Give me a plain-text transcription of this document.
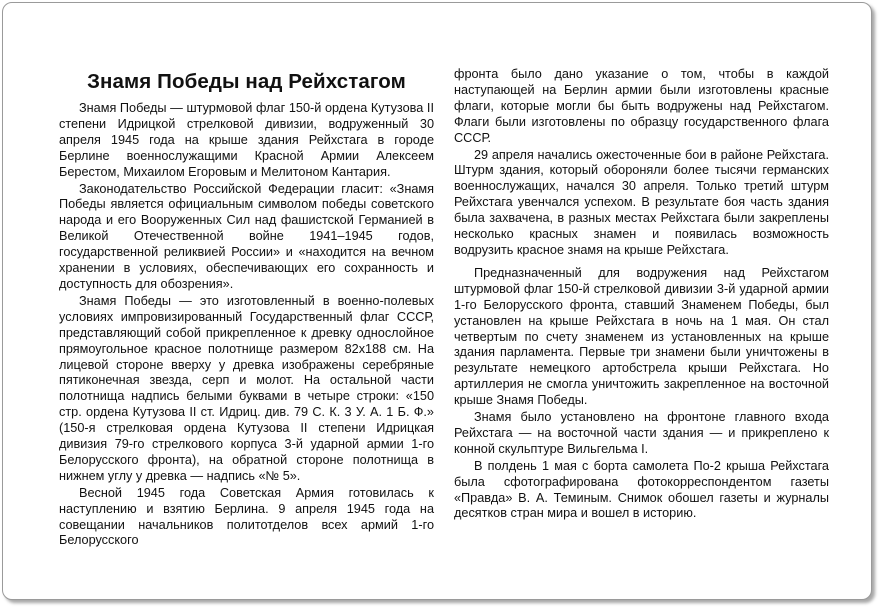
Знамя Победы над Рейхстагом

Знамя Победы — штурмовой флаг 150-й ордена Кутузова II степени Идрицкой стрелковой дивизии, водруженный 30 апреля 1945 года на крыше здания Рейхстага в городе Берлине военнослужащими Красной Армии Алексеем Берестом, Михаилом Егоровым и Мелитоном Кантария.

Законодательство Российской Федерации гласит: «Знамя Победы является официальным символом победы советского народа и его Вооруженных Сил над фашистской Германией в Великой Отечественной войне 1941–1945 годов, государственной реликвией России» и «находится на вечном хранении в условиях, обеспечивающих его сохранность и доступность для обозрения».

Знамя Победы — это изготовленный в военно-полевых условиях импровизированный Государственный флаг СССР, представляющий собой прикрепленное к древку однослойное прямоугольное красное полотнище размером 82х188 см. На лицевой стороне вверху у древка изображены серебряные пятиконечная звезда, серп и молот. На остальной части полотнища надпись белыми буквами в четыре строки: «150 стр. ордена Кутузова II ст. Идриц. див. 79 С. К. 3 У. А. 1 Б. Ф.» (150-я стрелковая ордена Кутузова II степени Идрицкая дивизия 79-го стрелкового корпуса 3-й ударной армии 1-го Белорусского фронта), на обратной стороне полотнища в нижнем углу у древка — надпись «№ 5».

Весной 1945 года Советская Армия готовилась к наступлению и взятию Берлина. 9 апреля 1945 года на совещании начальников политотделов всех армий 1-го Белорусского

фронта было дано указание о том, чтобы в каждой наступающей на Берлин армии были изготовлены красные флаги, которые могли бы быть водружены над Рейхстагом. Флаги были изготовлены по образцу государственного флага СССР.

29 апреля начались ожесточенные бои в районе Рейхстага. Штурм здания, который обороняли более тысячи германских военнослужащих, начался 30 апреля. Только третий штурм Рейхстага увенчался успехом. В результате боя часть здания была захвачена, в разных местах Рейхстага были закреплены несколько красных знамен и появилась возможность водрузить красное знамя на крыше Рейхстага.

Предназначенный для водружения над Рейхстагом штурмовой флаг 150-й стрелковой дивизии 3-й ударной армии 1-го Белорусского фронта, ставший Знаменем Победы, был установлен на крыше Рейхстага в ночь на 1 мая. Он стал четвертым по счету знаменем из установленных на крыше здания парламента. Первые три знамени были уничтожены в результате немецкого артобстрела крыши Рейхстага. Но артиллерия не смогла уничтожить закрепленное на восточной крыше Знамя Победы.

Знамя было установлено на фронтоне главного входа Рейхстага — на восточной части здания — и прикреплено к конной скульптуре Вильгельма I.

В полдень 1 мая с борта самолета По-2 крыша Рейхстага была сфотографирована фотокорреспондентом газеты «Правда» В. А. Теминым. Снимок обошел газеты и журналы десятков стран мира и вошел в историю.
